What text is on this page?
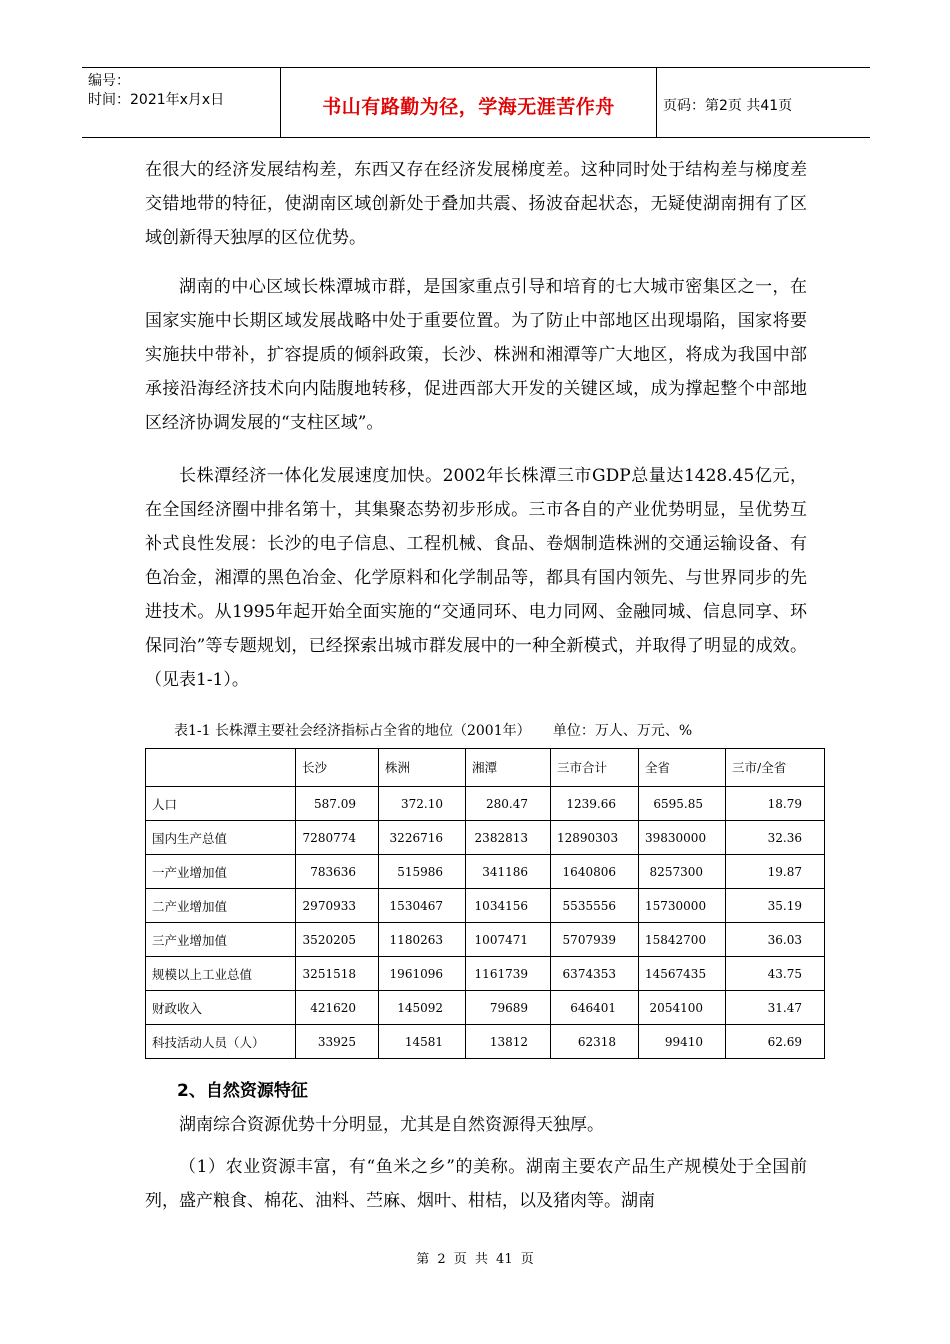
编号：
时间：2021年x月x日	书山有路勤为径，学海无涯苦作舟	页码：第2页 共41页

在很大的经济发展结构差，东西又存在经济发展梯度差。这种同时处于结构差与梯度差交错地带的特征，使湖南区域创新处于叠加共震、扬波奋起状态，无疑使湖南拥有了区域创新得天独厚的区位优势。

湖南的中心区域长株潭城市群，是国家重点引导和培育的七大城市密集区之一，在国家实施中长期区域发展战略中处于重要位置。为了防止中部地区出现塌陷，国家将要实施扶中带补，扩容提质的倾斜政策，长沙、株洲和湘潭等广大地区，将成为我国中部承接沿海经济技术向内陆腹地转移，促进西部大开发的关键区域，成为撑起整个中部地区经济协调发展的“支柱区域”。

长株潭经济一体化发展速度加快。2002年长株潭三市GDP总量达1428.45亿元，在全国经济圈中排名第十，其集聚态势初步形成。三市各自的产业优势明显，呈优势互补式良性发展：长沙的电子信息、工程机械、食品、卷烟制造株洲的交通运输设备、有色冶金，湘潭的黑色冶金、化学原料和化学制品等，都具有国内领先、与世界同步的先进技术。从1995年起开始全面实施的“交通同环、电力同网、金融同城、信息同享、环保同治”等专题规划，已经探索出城市群发展中的一种全新模式，并取得了明显的成效。（见表1-1）。

表1-1 长株潭主要社会经济指标占全省的地位（2001年）     单位：万人、万元、%
	长沙	株洲	湘潭	三市合计	全省	三市/全省
人口	587.09	372.10	280.47	1239.66	6595.85	18.79
国内生产总值	7280774	3226716	2382813	12890303	39830000	32.36
一产业增加值	783636	515986	341186	1640806	8257300	19.87
二产业增加值	2970933	1530467	1034156	5535556	15730000	35.19
三产业增加值	3520205	1180263	1007471	5707939	15842700	36.03
规模以上工业总值	3251518	1961096	1161739	6374353	14567435	43.75
财政收入	421620	145092	79689	646401	2054100	31.47
科技活动人员（人）	33925	14581	13812	62318	99410	62.69
2、自然资源特征

湖南综合资源优势十分明显，尤其是自然资源得天独厚。

（1）农业资源丰富，有“鱼米之乡”的美称。湖南主要农产品生产规模处于全国前列，盛产粮食、棉花、油料、苎麻、烟叶、柑桔，以及猪肉等。湖南

第 2 页 共 41 页
